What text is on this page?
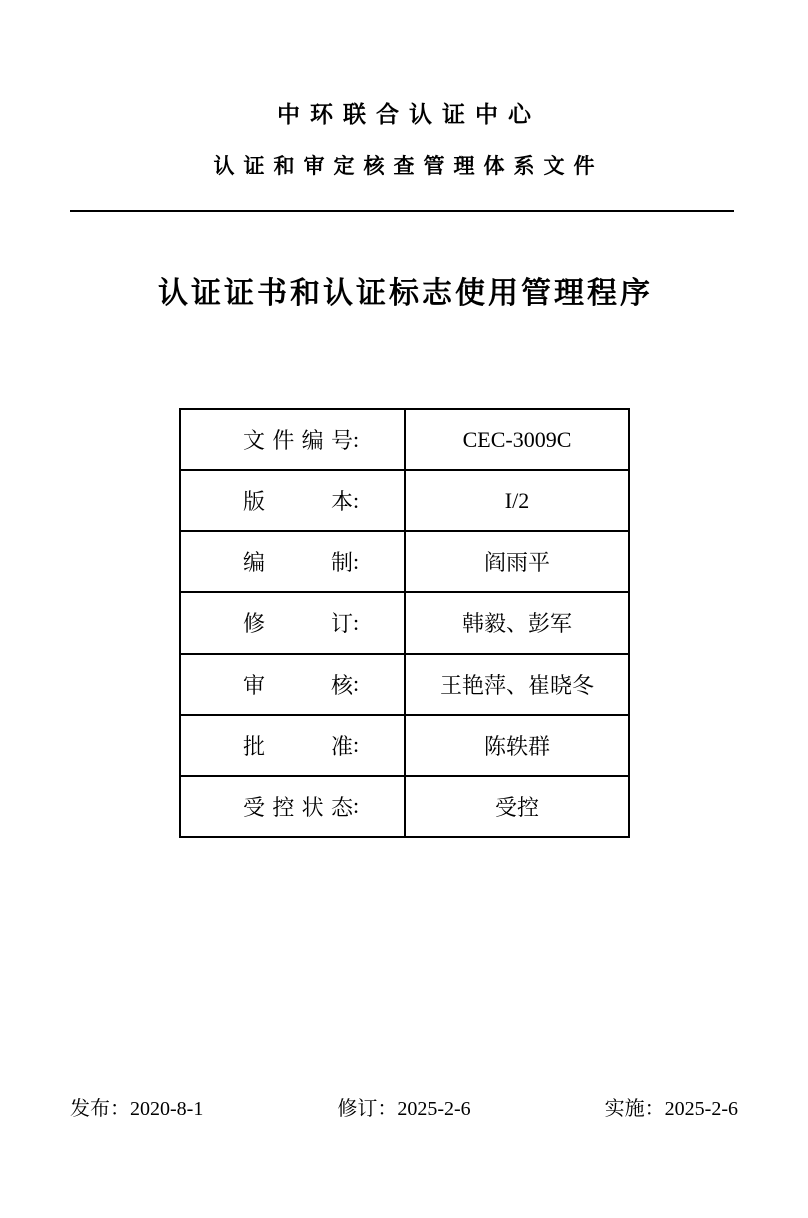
中环联合认证中心
认证和审定核查管理体系文件
认证证书和认证标志使用管理程序
文件编号 :	CEC-3009C
版本 :	I/2
编制 :	阎雨平
修订 :	韩毅、彭军
审核 :	王艳萍、崔晓冬
批准 :	陈轶群
受控状态 :	受控
发布：2020-8-1	修订：2025-2-6	实施：2025-2-6
